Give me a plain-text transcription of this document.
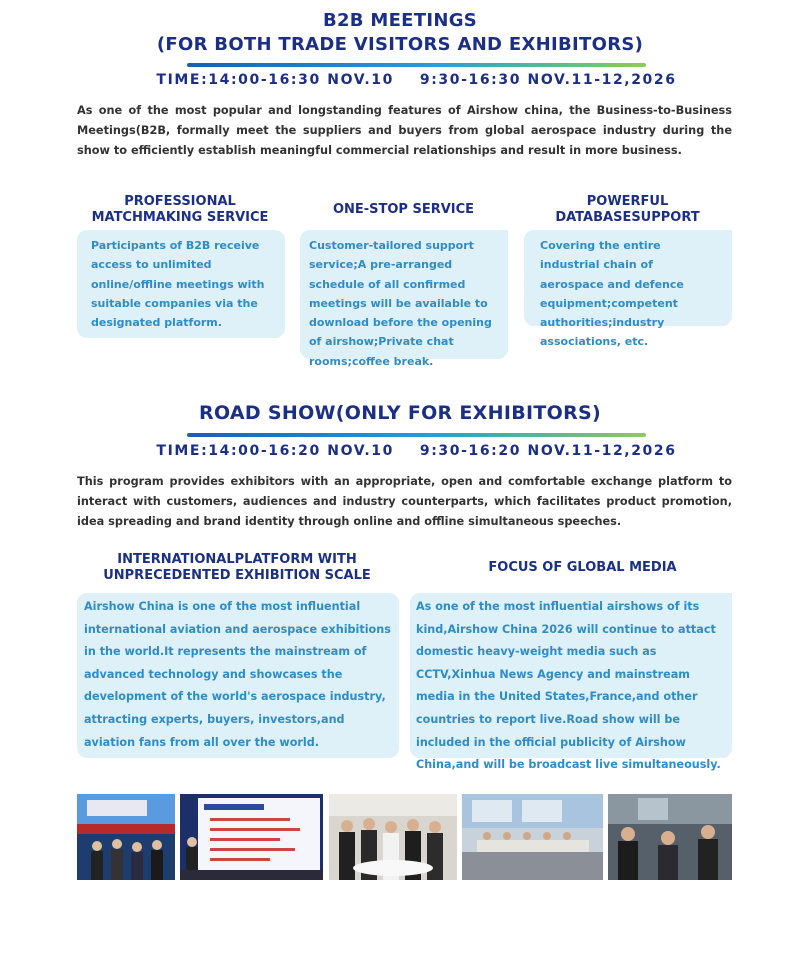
B2B MEETINGS
(FOR BOTH TRADE VISITORS AND EXHIBITORS)
TIME:14:00-16:30 NOV.10    9:30-16:30 NOV.11-12,2026
As one of the most popular and longstanding features of Airshow china, the Business-to-Business Meetings(B2B, formally meet the suppliers and buyers from global aerospace industry during the show to efficiently establish meaningful commercial relationships and result in more business.
PROFESSIONAL MATCHMAKING SERVICE
Participants of B2B receive access to unlimited online/offline meetings with suitable companies via the designated platform.
ONE-STOP SERVICE
Customer-tailored support service;A pre-arranged schedule of all confirmed meetings will be available to download before the opening of airshow;Private chat rooms;coffee break.
POWERFUL DATABASESUPPORT
Covering the entire industrial chain of aerospace and defence equipment;competent authorities;industry associations, etc.
ROAD SHOW(ONLY FOR EXHIBITORS)
TIME:14:00-16:20 NOV.10    9:30-16:20 NOV.11-12,2026
This program provides exhibitors with an appropriate, open and comfortable exchange platform to interact with customers, audiences and industry counterparts, which facilitates product promotion, idea spreading and brand identity through online and offline simultaneous speeches.
INTERNATIONALPLATFORM WITH
UNPRECEDENTED EXHIBITION SCALE
Airshow China is one of the most influential international aviation and aerospace exhibitions in the world.It represents the mainstream of advanced technology and showcases the development of the world's aerospace industry, attracting experts, buyers, investors,and aviation fans from all over the world.
FOCUS OF GLOBAL MEDIA
As one of the most influential airshows of its kind,Airshow China 2026 will continue to attact domestic heavy-weight media such as CCTV,Xinhua News Agency and mainstream media in the United States,France,and other countries to report live.Road show will be included in the official publicity of Airshow China,and will be broadcast live simultaneously.
